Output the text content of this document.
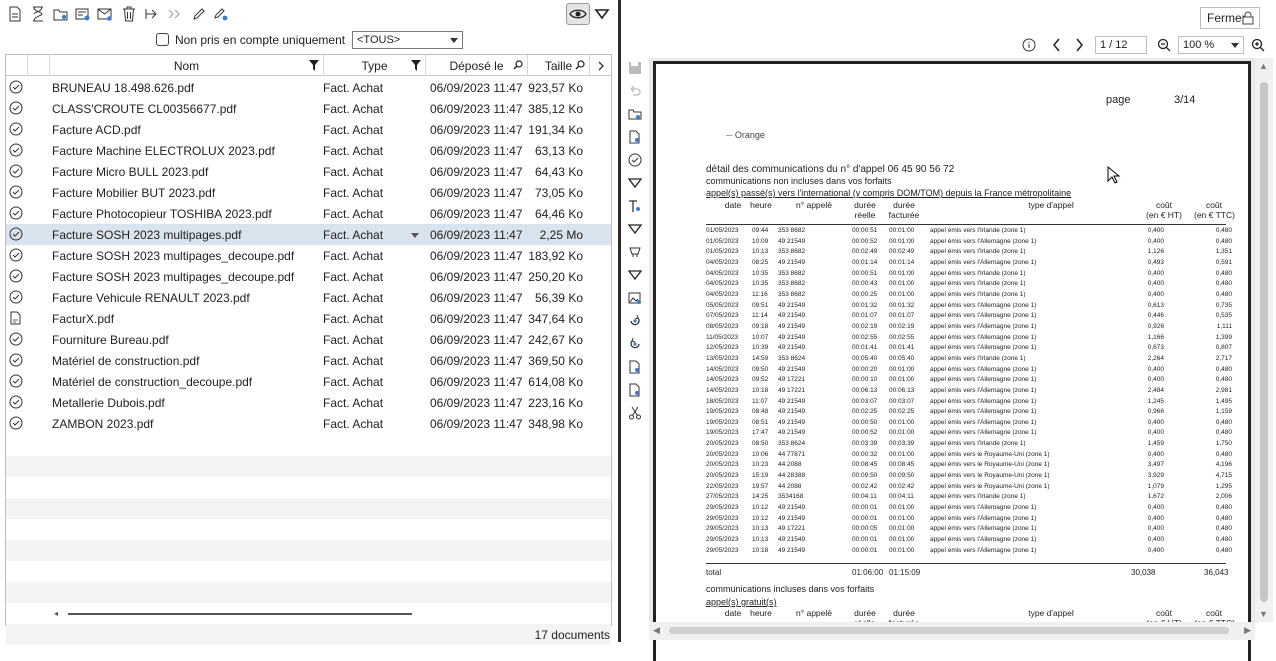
Non pris en compte uniquement	<TOUS>
Nom	Type	Déposé le	Taille
BRUNEAU 18.498.626.pdf	Fact. Achat	06/09/2023 11:47 923,57 Ko
CLASS'CROUTE CL00356677.pdf	Fact. Achat	06/09/2023 11:47 385,12 Ko
Facture ACD.pdf	Fact. Achat	06/09/2023 11:47 191,34 Ko
Facture Machine ELECTROLUX 2023.pdf	Fact. Achat	06/09/2023 11:47 63,13 Ko
Facture Micro BULL 2023.pdf	Fact. Achat	06/09/2023 11:47 64,43 Ko
Facture Mobilier BUT 2023.pdf	Fact. Achat	06/09/2023 11:47 73,05 Ko
Facture Photocopieur TOSHIBA 2023.pdf	Fact. Achat	06/09/2023 11:47 64,46 Ko
Facture SOSH 2023 multipages.pdf	Fact. Achat	06/09/2023 11:47 2,25 Mo
Facture SOSH 2023 multipages_decoupe.pdf Fact. Achat	06/09/2023 11:47 183,92 Ko
Facture SOSH 2023 multipages_decoupe.pdf Fact. Achat	06/09/2023 11:47 250,20 Ko
Facture Vehicule RENAULT 2023.pdf	Fact. Achat	06/09/2023 11:47 56,39 Ko
FacturX.pdf	Fact. Achat	06/09/2023 11:47 347,64 Ko
Fourniture Bureau.pdf	Fact. Achat	06/09/2023 11:47 242,67 Ko
Matériel de construction.pdf	Fact. Achat	06/09/2023 11:47 369,50 Ko
Matériel de construction_decoupe.pdf	Fact. Achat	06/09/2023 11:47 614,08 Ko
Metallerie Dubois.pdf	Fact. Achat	06/09/2023 11:47 223,16 Ko
ZAMBON 2023.pdf	Fact. Achat	06/09/2023 11:47 348,98 Ko
◂
17 documents
Fermer
1 / 12	100 %
page	3/14
⏤ Orange
détail des communications du n° d'appel 06 45 90 56 72
communications non incluses dans vos forfaits
appel(s) passé(s) vers l'international (y compris DOM/TOM) depuis la France métropolitaine
date	heure	n° appelé	durée
réelle
durée
facturée
type d'appel	coût
(en € HT)
coût
(en € TTC)
01/05/2023 09:44 353 8682	00:00:51 00:01:00 appel émis vers l'Irlande (zone 1)	0,400	0,480
01/05/2023 10:09 49 21549	00:00:52 00:01:00 appel émis vers l'Allemagne (zone 1)	0,400	0,480
01/05/2023 10:13 353 8682	00:02:49 00:02:49 appel émis vers l'Irlande (zone 1)	1,126	1,351
04/05/2023 08:25 49 21549	00:01:14 00:01:14 appel émis vers l'Allemagne (zone 1)	0,493	0,591
04/05/2023 10:35 353 8682	00:00:51 00:01:00 appel émis vers l'Irlande (zone 1)	0,400	0,480
04/05/2023 10:35 353 8682	00:00:43 00:01:00 appel émis vers l'Irlande (zone 1)	0,400	0,480
04/05/2023 11:16 353 8682	00:00:25 00:01:00 appel émis vers l'Irlande (zone 1)	0,400	0,480
05/05/2023 09:51 49 21549	00:01:32 00:01:32 appel émis vers l'Allemagne (zone 1)	0,613	0,735
07/05/2023 11:14 49 21549	00:01:07 00:01:07 appel émis vers l'Allemagne (zone 1)	0,446	0,535
08/05/2023 09:18 49 21549	00:02:19 00:02:19 appel émis vers l'Allemagne (zone 1)	0,926	1,111
11/05/2023 10:07 49 21549	00:02:55 00:02:55 appel émis vers l'Allemagne (zone 1)	1,166	1,399
12/05/2023 10:39 49 21549	00:01:41 00:01:41 appel émis vers l'Allemagne (zone 1)	0,673	0,807
13/05/2023 14:59 353 8624	00:05:40 00:05:40 appel émis vers l'Irlande (zone 1)	2,264	2,717
14/05/2023 09:50 49 21549	00:00:20 00:01:00 appel émis vers l'Allemagne (zone 1)	0,400	0,480
14/05/2023 09:52 49 17221	00:00:10 00:01:00 appel émis vers l'Allemagne (zone 1)	0,400	0,480
14/05/2023 10:18 49 17221	00:06:13 00:06:13 appel émis vers l'Allemagne (zone 1)	2,484	2,981
18/05/2023 11:07 49 21549	00:03:07 00:03:07 appel émis vers l'Allemagne (zone 1)	1,245	1,495
19/05/2023 08:48 49 21549	00:02:25 00:02:25 appel émis vers l'Allemagne (zone 1)	0,966	1,159
19/05/2023 08:51 49 21549	00:00:50 00:01:00 appel émis vers l'Allemagne (zone 1)	0,400	0,480
19/05/2023 17:47 49 21549	00:00:52 00:01:00 appel émis vers l'Allemagne (zone 1)	0,400	0,480
20/05/2023 08:50 353 8624	00:03:39 00:03:39 appel émis vers l'Irlande (zone 1)	1,459	1,750
20/05/2023 10:06 44 77871	00:00:32 00:01:00 appel émis vers le Royaume-Uni (zone 1)	0,400	0,480
20/05/2023 10:23 44 2088	00:08:45 00:08:45 appel émis vers le Royaume-Uni (zone 1)	3,497	4,196
20/05/2023 15:19 44 28388	00:09:50 00:09:50 appel émis vers le Royaume-Uni (zone 1)	3,929	4,715
22/05/2023 19:57 44 2088	00:02:42 00:02:42 appel émis vers le Royaume-Uni (zone 1)	1,079	1,295
27/05/2023 14:25 3534168	00:04:11 00:04:11 appel émis vers l'Irlande (zone 1)	1,672	2,006
29/05/2023 10:12 49 21549	00:00:01 00:01:00 appel émis vers l'Allemagne (zone 1)	0,400	0,480
29/05/2023 10:12 49 21549	00:00:01 00:01:00 appel émis vers l'Allemagne (zone 1)	0,400	0,480
29/05/2023 10:13 49 17221	00:00:05 00:01:00 appel émis vers l'Allemagne (zone 1)	0,400	0,480
29/05/2023 10:13 49 21549	00:00:01 00:01:00 appel émis vers l'Allemagne (zone 1)	0,400	0,480
29/05/2023 10:18 49 21549	00:00:01 00:01:00 appel émis vers l'Allemagne (zone 1)	0,400	0,480
total	01:06:00 01:15:09	30,038	36,043
communications incluses dans vos forfaits
appel(s) gratuit(s)
date	heure	n° appelé	durée	durée	type d'appel	coût
	coût

▲
▼
◀	▶
